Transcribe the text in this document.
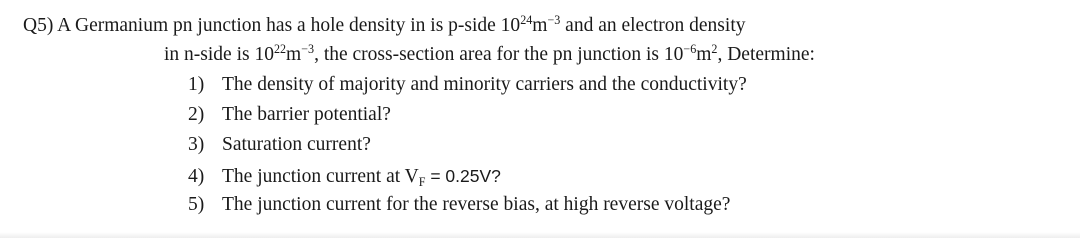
Q5) A Germanium pn junction has a hole density in is p-side $10^{24}m^{-3}$ and an electron density
in n-side is $10^{22}m^{-3}$, the cross-section area for the pn junction is $10^{-6}m^2$, Determine:
1) The density of majority and minority carriers and the conductivity?
2) The barrier potential?
3) Saturation current?
4) The junction current at $V_F = 0.25V$?
5) The junction current for the reverse bias, at high reverse voltage?
